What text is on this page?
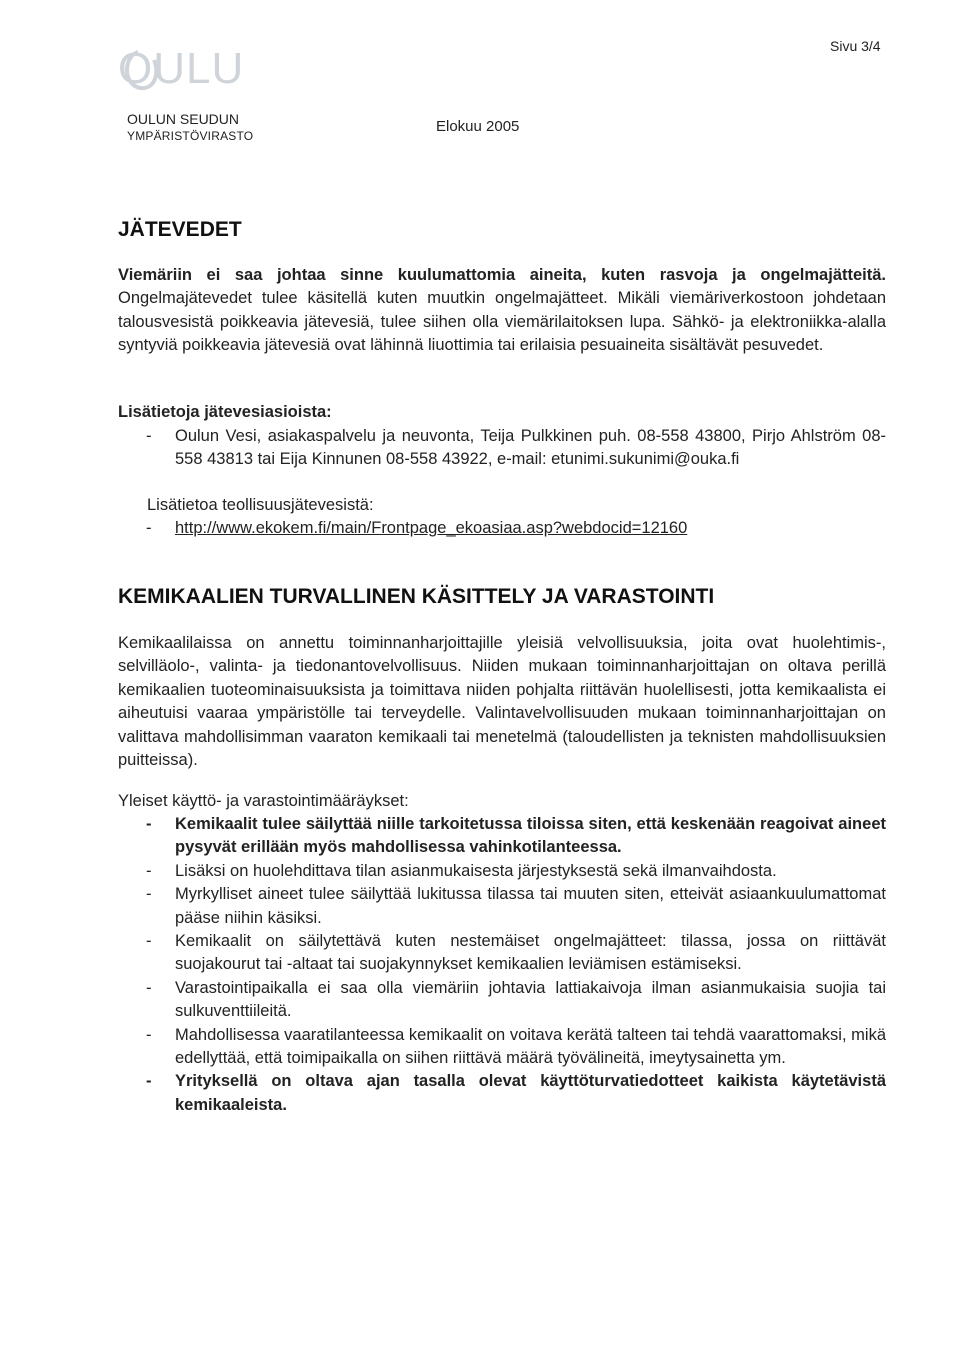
OULU
OULUN SEUDUN
YMPÄRISTÖVIRASTO
Elokuu 2005
Sivu 3/4
JÄTEVEDET

Viemäriin ei saa johtaa sinne kuulumattomia aineita, kuten rasvoja ja ongelmajätteitä. Ongelmajätevedet tulee käsitellä kuten muutkin ongelmajätteet. Mikäli viemäriverkostoon johdetaan talousvesistä poikkeavia jätevesiä, tulee siihen olla viemärilaitoksen lupa. Sähkö- ja elektroniikka-alalla syntyviä poikkeavia jätevesiä ovat lähinnä liuottimia tai erilaisia pesuaineita sisältävät pesuvedet.

Lisätietoja jätevesiasioista:

- Oulun Vesi, asiakaspalvelu ja neuvonta, Teija Pulkkinen puh. 08-558 43800, Pirjo Ahlström 08-558 43813 tai Eija Kinnunen 08-558 43922, e-mail: etunimi.sukunimi@ouka.fi

Lisätietoa teollisuusjätevesistä:

- http://www.ekokem.fi/main/Frontpage_ekoasiaa.asp?webdocid=12160
KEMIKAALIEN TURVALLINEN KÄSITTELY JA VARASTOINTI

Kemikaalilaissa on annettu toiminnanharjoittajille yleisiä velvollisuuksia, joita ovat huolehtimis-, selvilläolo-, valinta- ja tiedonantovelvollisuus. Niiden mukaan toiminnanharjoittajan on oltava perillä kemikaalien tuoteominaisuuksista ja toimittava niiden pohjalta riittävän huolellisesti, jotta kemikaalista ei aiheutuisi vaaraa ympäristölle tai terveydelle. Valintavelvollisuuden mukaan toiminnanharjoittajan on valittava mahdollisimman vaaraton kemikaali tai menetelmä (taloudellisten ja teknisten mahdollisuuksien puitteissa).

Yleiset käyttö- ja varastointimääräykset:

- Kemikaalit tulee säilyttää niille tarkoitetussa tiloissa siten, että keskenään reagoivat aineet pysyvät erillään myös mahdollisessa vahinkotilanteessa.
- Lisäksi on huolehdittava tilan asianmukaisesta järjestyksestä sekä ilmanvaihdosta.
- Myrkylliset aineet tulee säilyttää lukitussa tilassa tai muuten siten, etteivät asiaankuulumattomat pääse niihin käsiksi.
- Kemikaalit on säilytettävä kuten nestemäiset ongelmajätteet: tilassa, jossa on riittävät suojakourut tai -altaat tai suojakynnykset kemikaalien leviämisen estämiseksi.
- Varastointipaikalla ei saa olla viemäriin johtavia lattiakaivoja ilman asianmukaisia suojia tai sulkuventtiileitä.
- Mahdollisessa vaaratilanteessa kemikaalit on voitava kerätä talteen tai tehdä vaarattomaksi, mikä edellyttää, että toimipaikalla on siihen riittävä määrä työvälineitä, imeytysainetta ym.
- Yrityksellä on oltava ajan tasalla olevat käyttöturvatiedotteet kaikista käytetävistä kemikaaleista.
